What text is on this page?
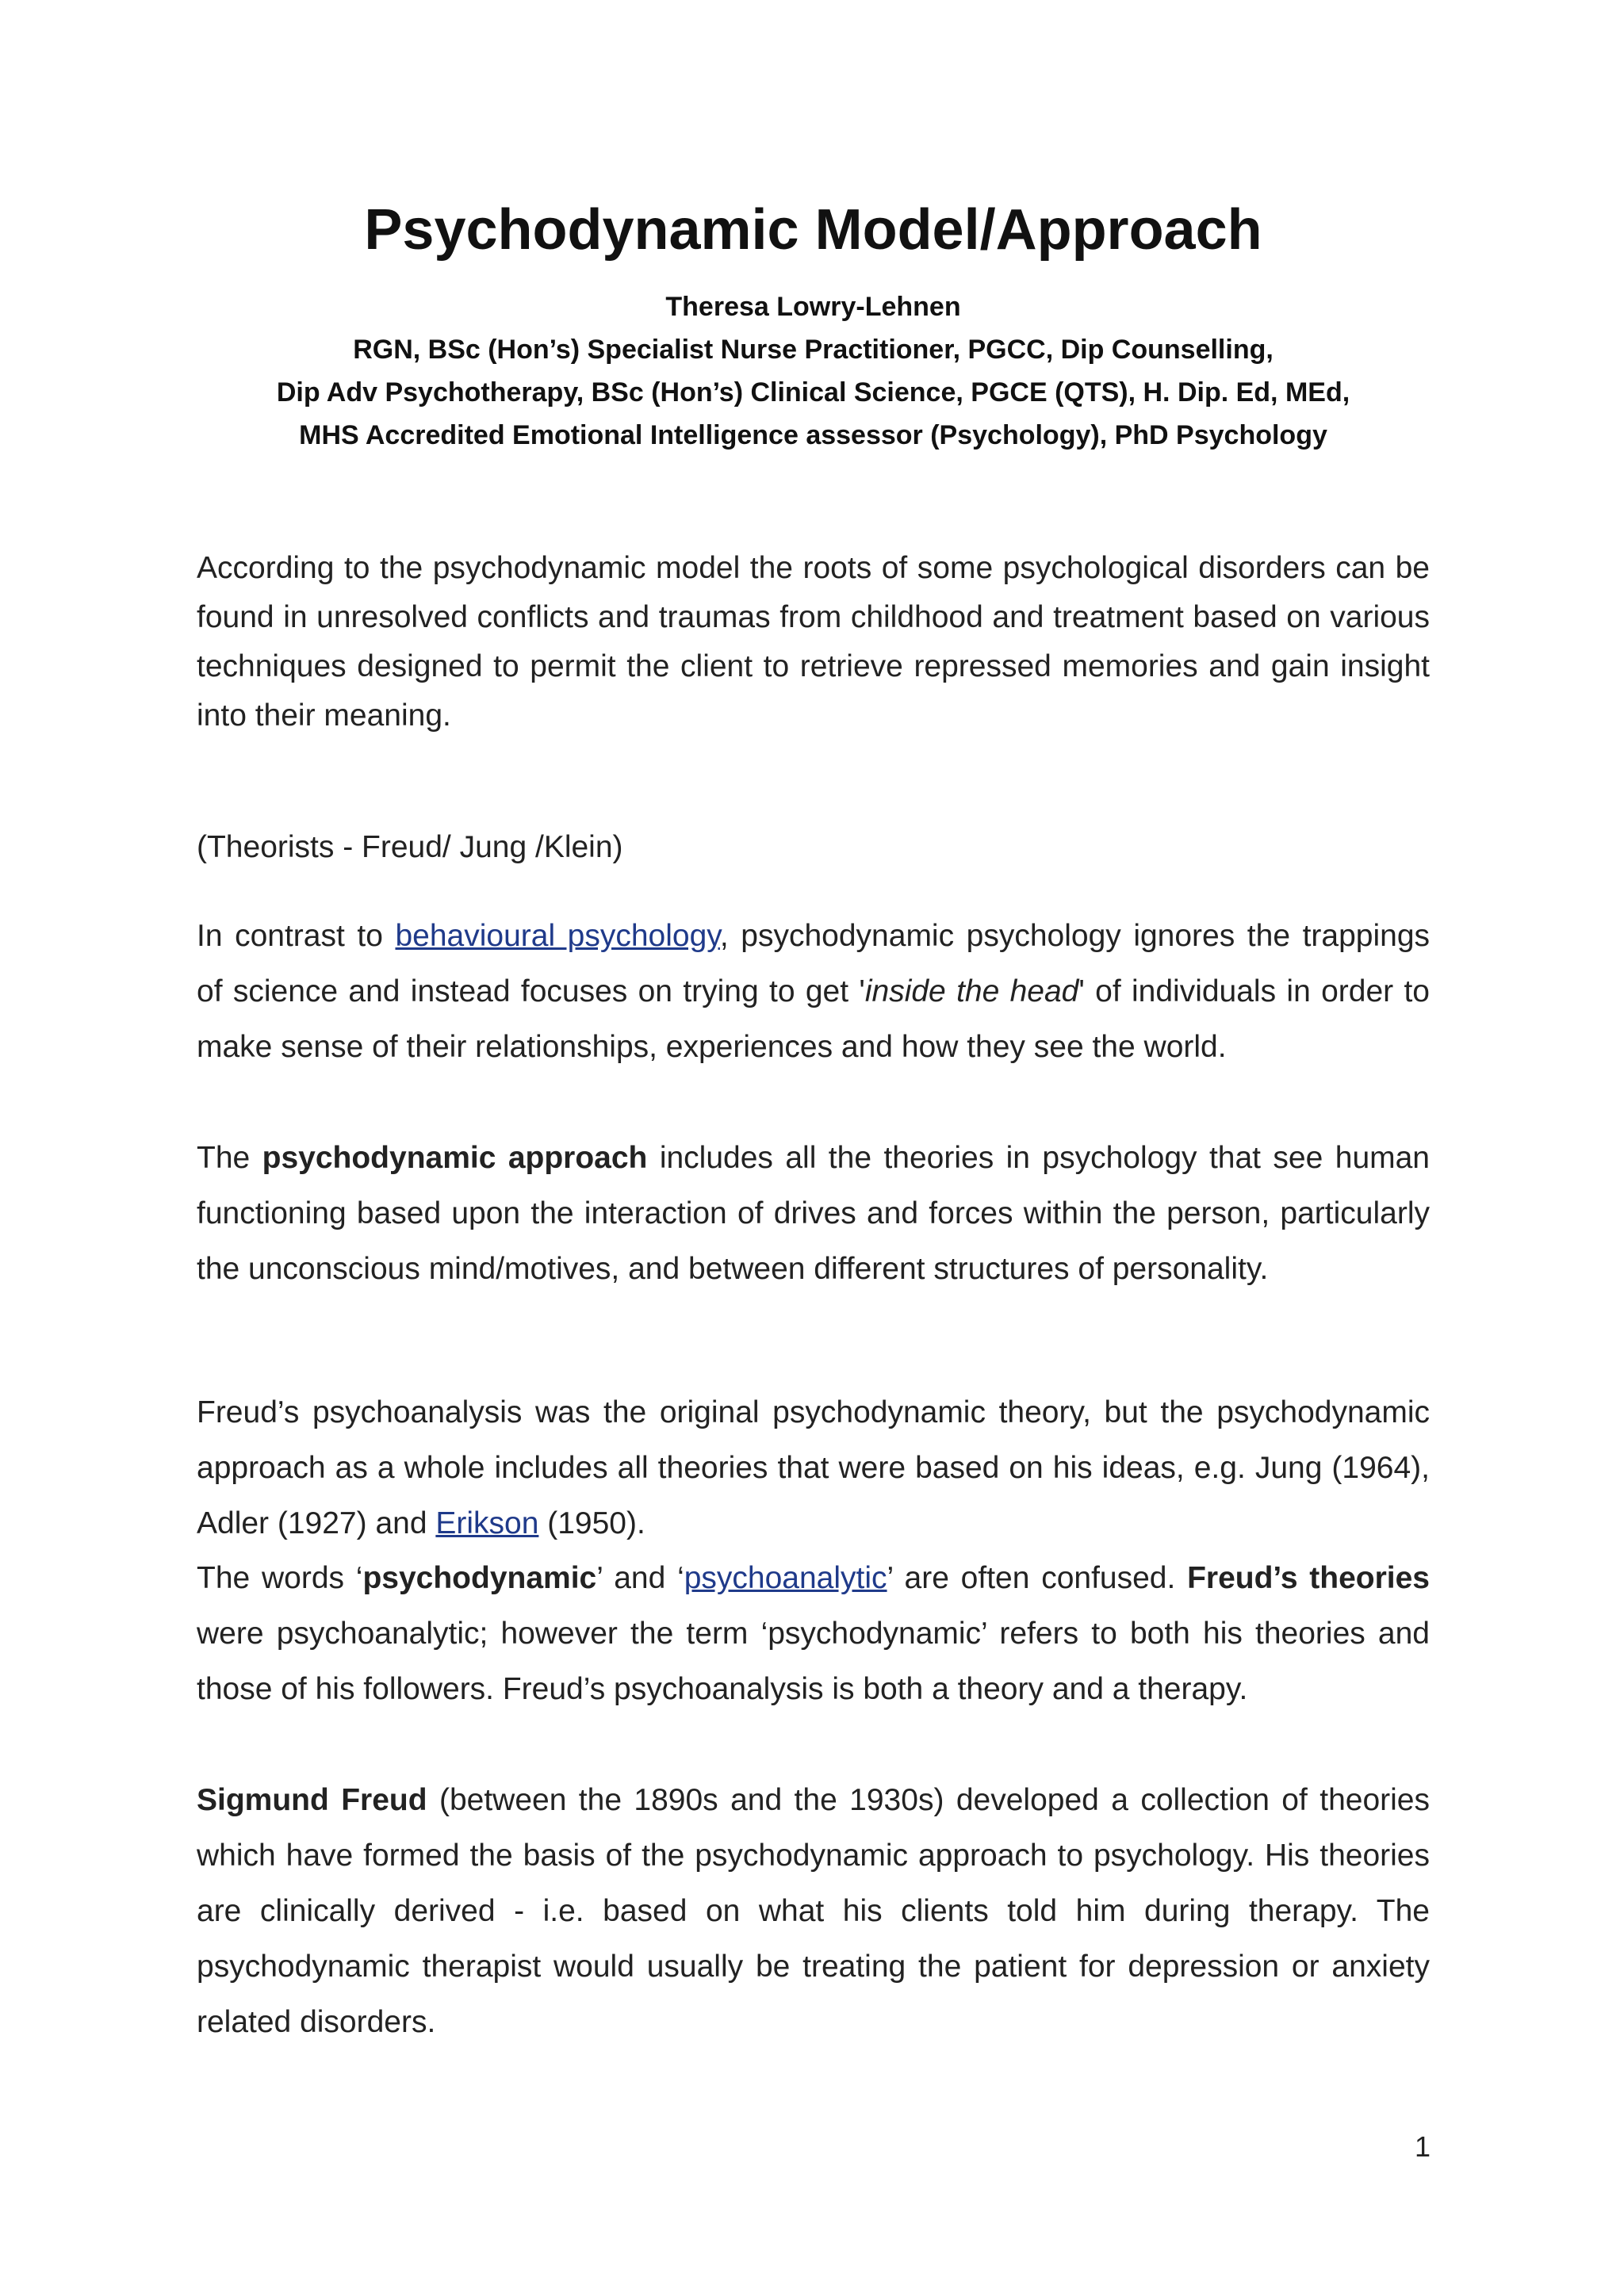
Psychodynamic Model/Approach
Theresa Lowry-Lehnen
RGN, BSc (Hon’s) Specialist Nurse Practitioner, PGCC, Dip Counselling,
Dip Adv Psychotherapy, BSc (Hon’s) Clinical Science, PGCE (QTS), H. Dip. Ed, MEd,
MHS Accredited Emotional Intelligence assessor (Psychology), PhD Psychology

According to the psychodynamic model the roots of some psychological disorders can be found in unresolved conflicts and traumas from childhood and treatment based on various techniques designed to permit the client to retrieve repressed memories and gain insight into their meaning.

(Theorists - Freud/ Jung /Klein)

In contrast to behavioural psychology, psychodynamic psychology ignores the trappings of science and instead focuses on trying to get 'inside the head' of individuals in order to make sense of their relationships, experiences and how they see the world.

The psychodynamic approach includes all the theories in psychology that see human functioning based upon the interaction of drives and forces within the person, particularly the unconscious mind/motives, and between different structures of personality.

Freud’s psychoanalysis was the original psychodynamic theory, but the psychodynamic approach as a whole includes all theories that were based on his ideas, e.g. Jung (1964), Adler (1927) and Erikson (1950).

The words ‘psychodynamic’ and ‘psychoanalytic’ are often confused. Freud’s theories were psychoanalytic; however the term ‘psychodynamic’ refers to both his theories and those of his followers. Freud’s psychoanalysis is both a theory and a therapy.

Sigmund Freud (between the 1890s and the 1930s) developed a collection of theories which have formed the basis of the psychodynamic approach to psychology. His theories are clinically derived - i.e. based on what his clients told him during therapy. The psychodynamic therapist would usually be treating the patient for depression or anxiety related disorders.

1
